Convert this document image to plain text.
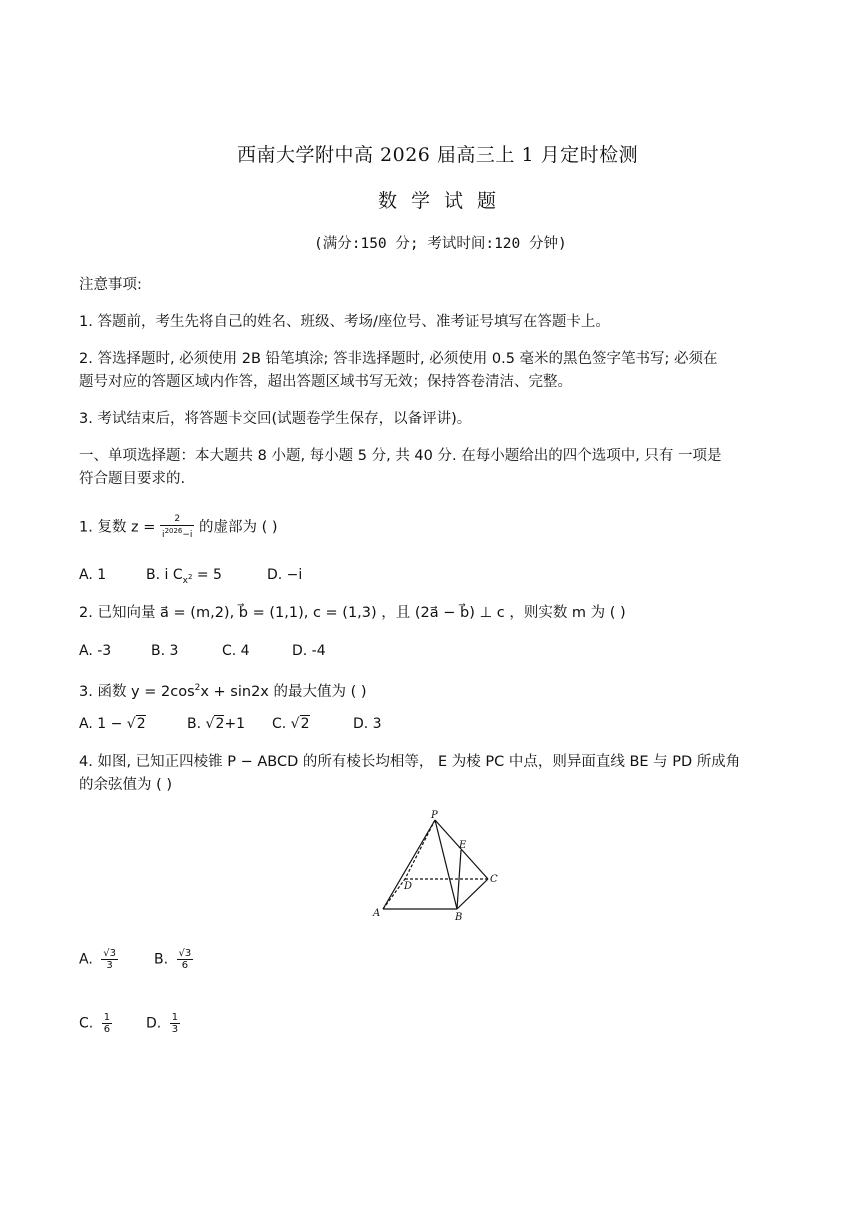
西南大学附中高 2026 届高三上 1 月定时检测
数学试题
(满分:150 分; 考试时间:120 分钟)
注意事项:
1. 答题前，考生先将自己的姓名、班级、考场/座位号、准考证号填写在答题卡上。
2. 答选择题时, 必须使用 2B 铅笔填涂; 答非选择题时, 必须使用 0.5 毫米的黑色签字笔书写; 必须在
题号对应的答题区域内作答，超出答题区域书写无效；保持答卷清洁、完整。
3. 考试结束后，将答题卡交回(试题卷学生保存，以备评讲)。
一、单项选择题：本大题共 8 小题, 每小题 5 分, 共 40 分. 在每小题给出的四个选项中, 只有 一项是
符合题目要求的.
1. 复数 $z = \frac{2}{i^{2026}-i}$ 的虚部为 ( )
A. 1	B. i $C_{x^2} = 5$	D. −i
2. 已知向量 a⃗ = (m,2), b⃗ = (1,1), c = (1,3) ，且 (2a⃗ − b⃗) ⊥ c ，则实数 m 为 ( )
A. -3	B. 3	C. 4	D. -4
3. 函数 $y = 2\cos^2x + \sin 2x$ 的最大值为 ( )
A. 1 − √2	B. √2+1 C. √2	D. 3
4. 如图, 已知正四棱锥 P − ABCD 的所有棱长均相等， E 为棱 PC 中点，则异面直线 BE 与 PD 所成角
的余弦值为 ( )
P
A	B
C
D
E
A. $\frac{√3}{3}$	B. $\frac{√3}{6}$
C. $\frac{1}{6} D$. $\frac{1}{3}$
